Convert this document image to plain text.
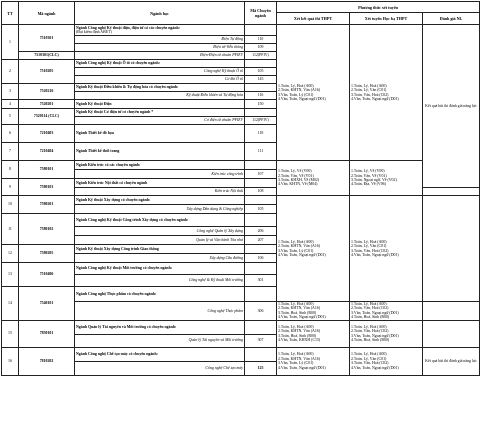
TT	Mã ngành	Ngành học	Mã Chuyên ngành	Phương thức xét tuyển			
				Xét kết quả thi THPT	Xét tuyển Học bạ THPT	Đánh giá NL	
1	7510301	Ngành Công nghệ Kỹ thuật điện, điện tử có các chuyên ngành:
(Đạt kiểm định ABET)		1.Toán, Lý, Hoá (A00)
2.Toán, KHTN, Văn (A16)
3.Văn, Toán, Lý (C01)
4.Văn, Toán, Ngoại ngữ (D01)	1.Toán, Lý, Hoá (A00)
2.Toán, Lý, Văn (C01)
3.Toán, Văn, Hoá (C02)
4.Văn, Toán, Ngoại ngữ (D01)	Kết quả bài thi đánh giá năng lực	
		Điện Tự động	110				
		Điện tử-Viễn thông	109				
	7510301(CLC)	Điện-Điện tử chuẩn PFIEV	112(PFIV)				
2	7510205	Ngành Công nghệ Kỹ thuật Ô tô có chuyên ngành:					
		Công nghệ Kỹ thuật Ô tô	105				
		Cơ khí Ô tô	145				
3	7520216	Ngành Kỹ thuật Điều khiển & Tự động hóa có chuyên ngành:					
		Kỹ thuật Điều khiển và Tự động hóa	116				
4	7520201	Ngành Kỹ thuật Điện	150				
5	7520114 (CLC)	Ngành Kỹ thuật Cơ điện tử có chuyên ngành *					
		Cơ điện tử chuẩn PFIEV	112(PFIV)				
6	7210403	Ngành Thiết kế đồ họa	118				
7	7210404	Ngành Thiết kế thời trang	111				

8	7580101	Ngành Kiến trúc có các chuyên ngành:		1.Toán, Lý, Vẽ (V00)
2.Toán, Văn, Vẽ (V01)
3.Toán, KHXH, Vẽ (M02)
4.Văn, KHTN, Vẽ (M04)	1.Toán, Lý, Vẽ (V00)
2.Toán, Văn, Vẽ (V01)
3.Toán, Ngoại ngữ, Vẽ (V02)
4.Toán, Địa, Vẽ (V06)	
		Kiến trúc công trình	107				
9	7580103	Ngành Kiến trúc Nội thất có chuyên ngành					
		Kiến trúc Nội thất	108				
10	7580201	Ngành Kỹ thuật Xây dựng có chuyên ngành:		1.Toán, Lý, Hoá (A00)
2.Toán, KHTN, Văn (A16)
3.Văn, Toán, Lý (C01)
4.Văn, Toán, Ngoại ngữ (D01)	1.Toán, Lý, Hoá (A00)
2.Toán, Lý, Văn (C01)
3.Toán, Văn, Hoá (C02)
4.Văn, Toán, Ngoại ngữ (D01)		
		Xây dựng Dân dụng & Công nghiệp	105				
11	7580102	Ngành Công nghệ Kỹ thuật Công trình Xây dựng có chuyên ngành:					
		Công nghệ Quản lý Xây dựng	206				
		Quản lý và Vận hành Tòa nhà	207				
12	7580205	Ngành Kỹ thuật Xây dựng Công trình Giao thông					
		Xây dựng Cầu đường	106				
13	7510406	Ngành Công nghệ Kỹ thuật Môi trường có chuyên ngành:					
		Công nghệ & Kỹ thuật Môi trường	301				
14	7540101	Ngành Công nghệ Thực phẩm có chuyên ngành:					
		Công nghệ Thực phẩm	306	1.Toán, Lý, Hoá (A00)
2.Toán, KHTN, Văn (A16)
3.Toán, Hoá, Sinh (B00)
4.Văn, Toán, Ngoại ngữ (D01)	1.Toán, Lý, Hoá (A00)
2.Toán, Văn, Hoá (C02)
3.Văn, Toán, Ngoại ngữ (D01)
4.Toán, Hoá, Sinh (B00)		
15	7850101	Ngành Quản lý Tài nguyên và Môi trường có chuyên ngành:		1.Toán, Lý, Hoá (A00)
2.Toán, KHTN, Văn (A16)
3.Toán, Hoá, Sinh (B00)
4.Văn, Toán, KHXH (C15)	1.Toán, Lý, Hoá (A00)
2.Toán, Văn, Hoá (C02)
3.Văn, Toán, Ngoại ngữ (D01)
4.Toán, Hoá, Sinh (B00)		
		Quản lý Tài nguyên và Môi trường	307				
16	7810202	Ngành Công nghệ Chế tạo máy có chuyên ngành:		1.Toán, Lý, Hoá (A00)
2.Toán, KHTN, Văn (A16)
3.Văn, Toán, Lý (C01)
4.Văn, Toán, Ngoại ngữ (D01)	1.Toán, Lý, Hoá (A00)
2.Toán, Lý, Văn (C01)
3.Toán, Văn, Hoá (C02)
4.Văn, Toán, Ngoại ngữ (D01)	Kết quả bài thi đánh giá năng lực	
		Công nghệ Chế tạo máy	125				
